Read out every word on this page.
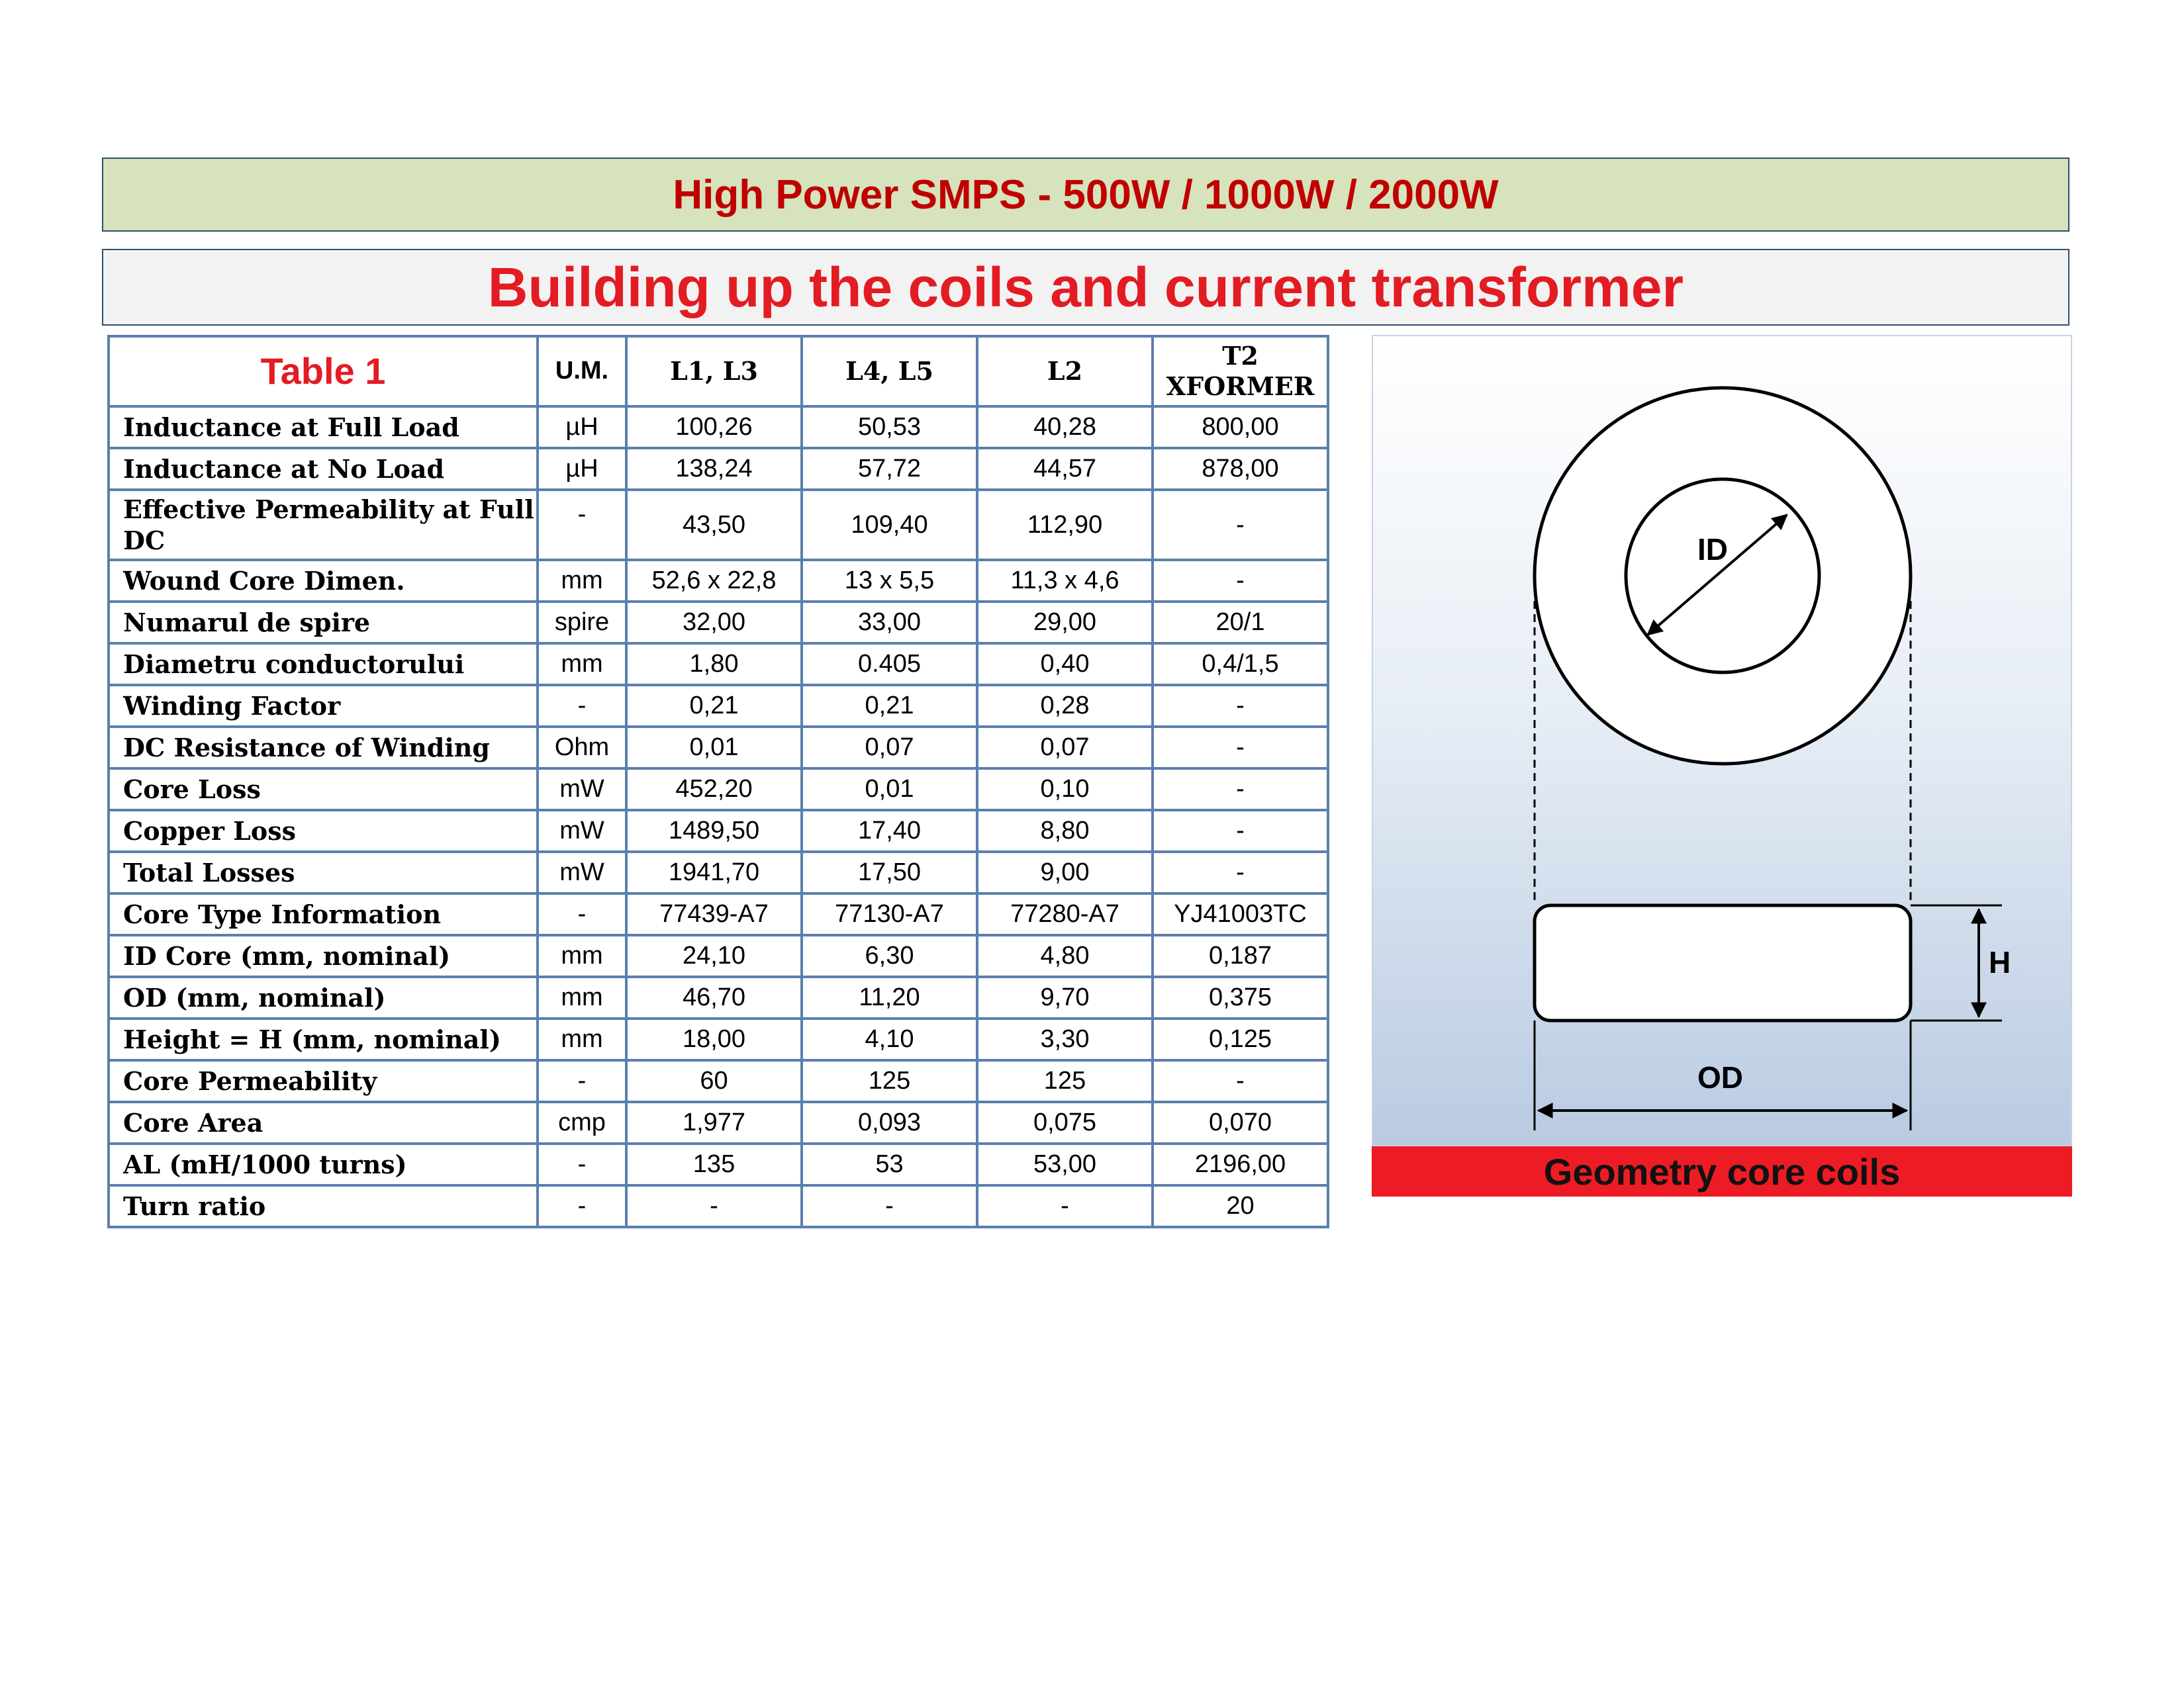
High Power SMPS - 500W / 1000W / 2000W
Building up the coils and current transformer
Table 1	U.M.	L1, L3	L4, L5	L2	T2
XFORMER
Inductance at Full Load	µH	100,26	50,53	40,28	800,00
Inductance at No Load	µH	138,24	57,72	44,57	878,00
Effective Permeability at Full DC	-	43,50	109,40	112,90	-
Wound Core Dimen.	mm	52,6 x 22,8	13 x 5,5	11,3 x 4,6	-
Numarul de spire	spire	32,00	33,00	29,00	20/1
Diametru conductorului	mm	1,80	0.405	0,40	0,4/1,5
Winding Factor	-	0,21	0,21	0,28	-
DC Resistance of Winding	Ohm	0,01	0,07	0,07	-
Core Loss	mW	452,20	0,01	0,10	-
Copper Loss	mW	1489,50	17,40	8,80	-
Total Losses	mW	1941,70	17,50	9,00	-
Core Type Information	-	77439-A7	77130-A7	77280-A7	YJ41003TC
ID Core (mm, nominal)	mm	24,10	6,30	4,80	0,187
OD (mm, nominal)	mm	46,70	11,20	9,70	0,375
Height = H (mm, nominal)	mm	18,00	4,10	3,30	0,125
Core Permeability	-	60	125	125	-
Core Area	cmp	1,977	0,093	0,075	0,070
AL (mH/1000 turns)	-	135	53	53,00	2196,00
Turn ratio	-	-	-	-	20
ID
H
OD
Geometry core coils
